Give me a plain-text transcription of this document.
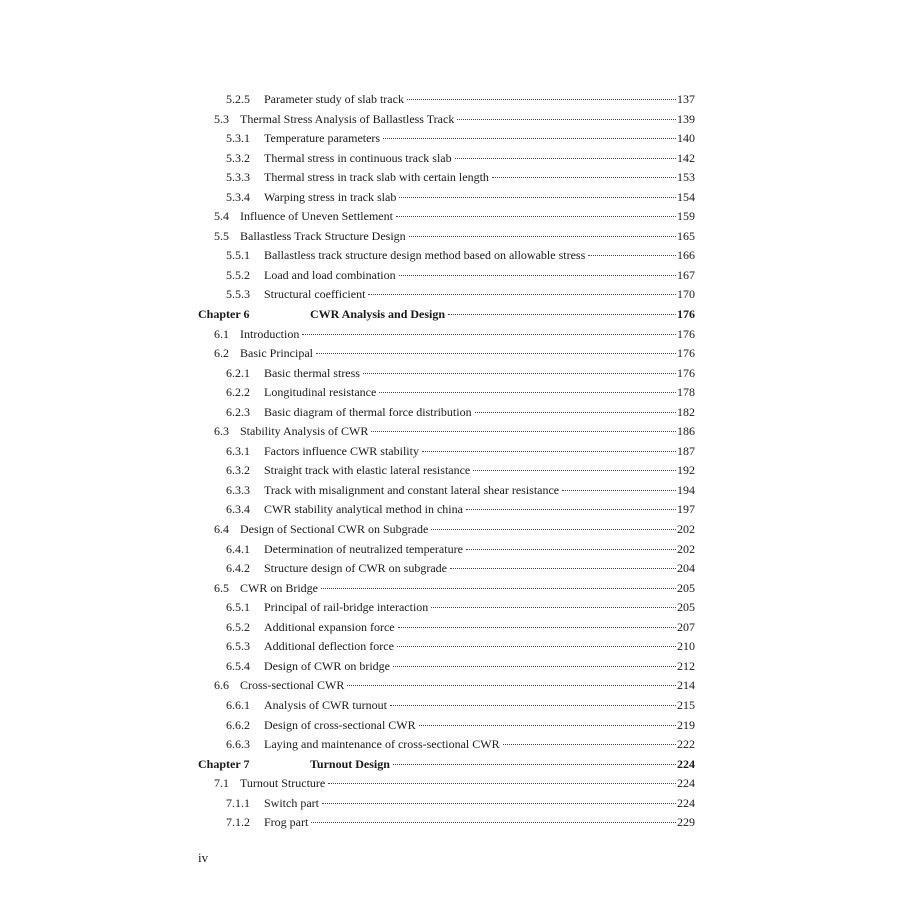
5.2.5	Parameter study of slab track	137
5.3 Thermal Stress Analysis of Ballastless Track	139
5.3.1	Temperature parameters	140
5.3.2	Thermal stress in continuous track slab	142
5.3.3	Thermal stress in track slab with certain length	153
5.3.4	Warping stress in track slab	154
5.4 Influence of Uneven Settlement	159
5.5 Ballastless Track Structure Design	165
5.5.1	Ballastless track structure design method based on allowable stress	166
5.5.2	Load and load combination	167
5.5.3	Structural coefficient	170
Chapter 6	CWR Analysis and Design	176
6.1 Introduction	176
6.2 Basic Principal	176
6.2.1	Basic thermal stress	176
6.2.2	Longitudinal resistance	178
6.2.3	Basic diagram of thermal force distribution	182
6.3 Stability Analysis of CWR	186
6.3.1	Factors influence CWR stability	187
6.3.2	Straight track with elastic lateral resistance	192
6.3.3	Track with misalignment and constant lateral shear resistance	194
6.3.4	CWR stability analytical method in china	197
6.4 Design of Sectional CWR on Subgrade	202
6.4.1	Determination of neutralized temperature	202
6.4.2	Structure design of CWR on subgrade	204
6.5 CWR on Bridge	205
6.5.1	Principal of rail-bridge interaction	205
6.5.2	Additional expansion force	207
6.5.3	Additional deflection force	210
6.5.4	Design of CWR on bridge	212
6.6 Cross-sectional CWR	214
6.6.1	Analysis of CWR turnout	215
6.6.2	Design of cross-sectional CWR	219
6.6.3	Laying and maintenance of cross-sectional CWR	222
Chapter 7	Turnout Design	224
7.1 Turnout Structure	224
7.1.1	Switch part	224
7.1.2	Frog part	229
iv
